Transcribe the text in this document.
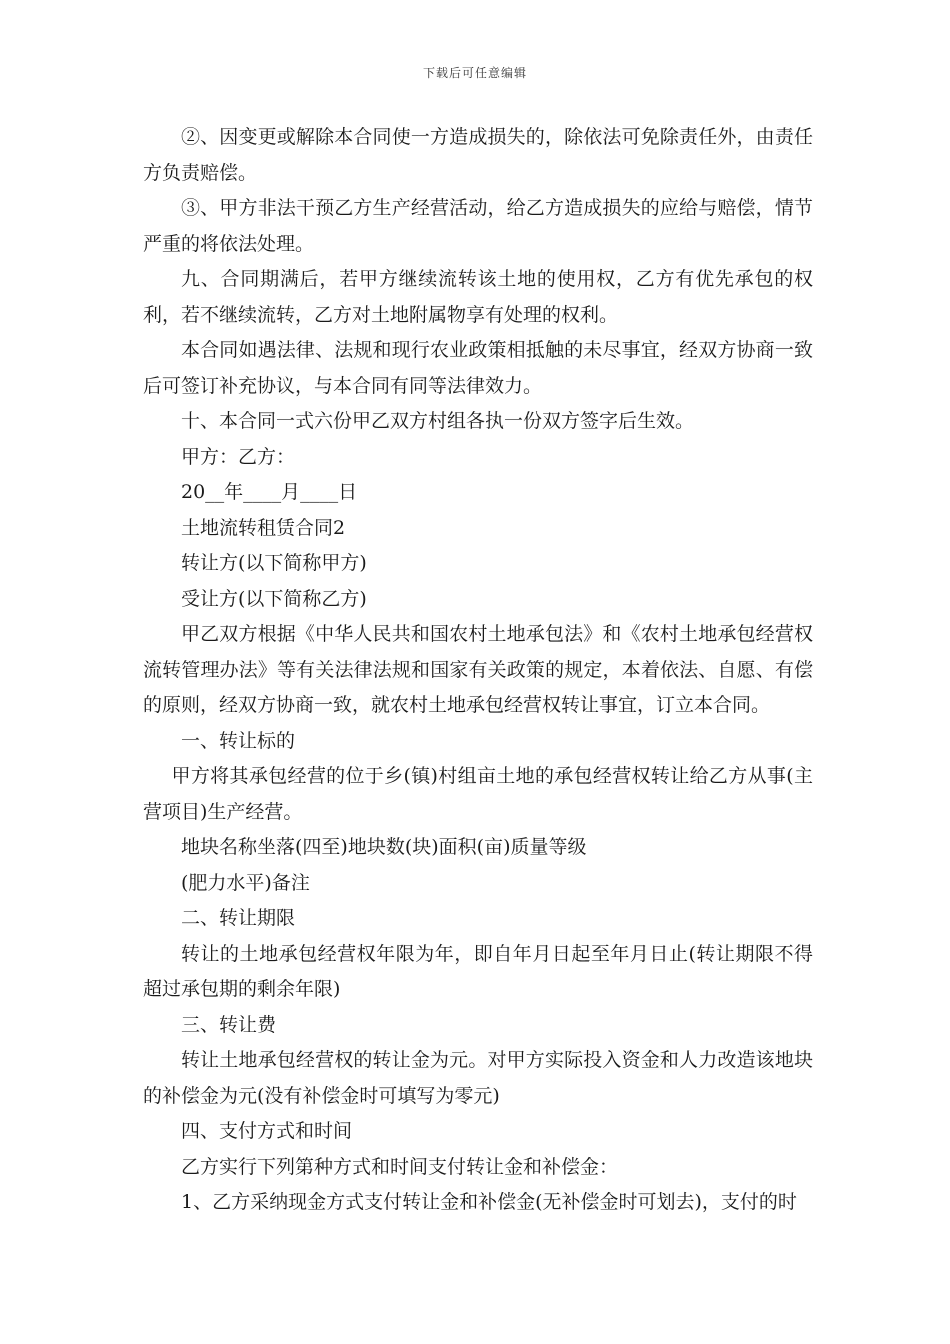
下载后可任意编辑

②、因变更或解除本合同使一方造成损失的，除依法可免除责任外，由责任方负责赔偿。

③、甲方非法干预乙方生产经营活动，给乙方造成损失的应给与赔偿，情节严重的将依法处理。

九、合同期满后，若甲方继续流转该土地的使用权，乙方有优先承包的权利，若不继续流转，乙方对土地附属物享有处理的权利。

本合同如遇法律、法规和现行农业政策相抵触的未尽事宜，经双方协商一致后可签订补充协议，与本合同有同等法律效力。

十、本合同一式六份甲乙双方村组各执一份双方签字后生效。

甲方：乙方：

20__年____月____日

土地流转租赁合同2

转让方(以下简称甲方)

受让方(以下简称乙方)

甲乙双方根据《中华人民共和国农村土地承包法》和《农村土地承包经营权流转管理办法》等有关法律法规和国家有关政策的规定，本着依法、自愿、有偿的原则，经双方协商一致，就农村土地承包经营权转让事宜，订立本合同。

一、转让标的

甲方将其承包经营的位于乡(镇)村组亩土地的承包经营权转让给乙方从事(主营项目)生产经营。

地块名称坐落(四至)地块数(块)面积(亩)质量等级

(肥力水平)备注

二、转让期限

转让的土地承包经营权年限为年，即自年月日起至年月日止(转让期限不得超过承包期的剩余年限)

三、转让费

转让土地承包经营权的转让金为元。对甲方实际投入资金和人力改造该地块的补偿金为元(没有补偿金时可填写为零元)

四、支付方式和时间

乙方实行下列第种方式和时间支付转让金和补偿金：

1、乙方采纳现金方式支付转让金和补偿金(无补偿金时可划去)，支付的时
